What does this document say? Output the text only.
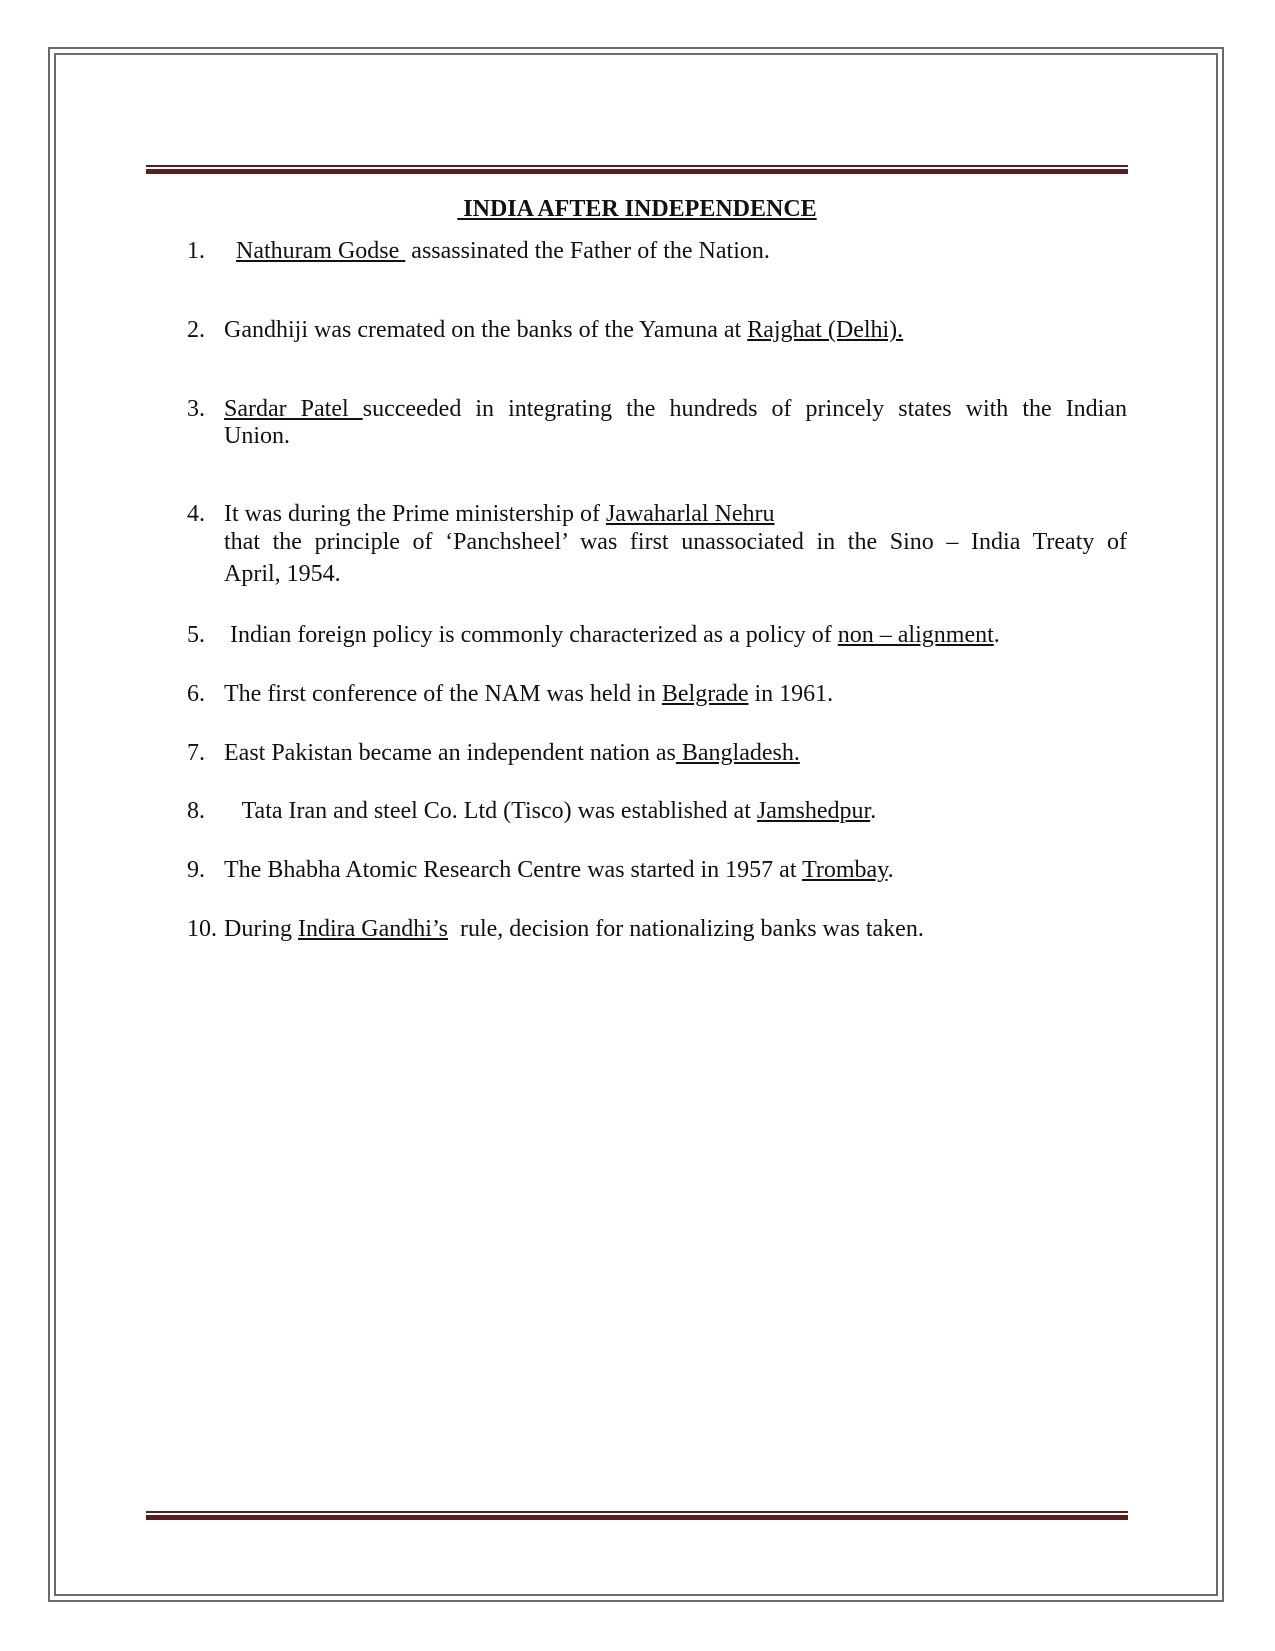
INDIA AFTER INDEPENDENCE
1.	Nathuram Godse  assassinated the Father of the Nation.
2. Gandhiji was cremated on the banks of the Yamuna at Rajghat (Delhi).
3. Sardar Patel succeeded in integrating the hundreds of princely states with the Indian
Union.
4. It was during the Prime ministership of Jawaharlal Nehru
that the principle of ‘Panchsheel’ was first unassociated in the Sino – India Treaty of
April, 1954.
5. Indian foreign policy is commonly characterized as a policy of non – alignment.
6. The first conference of the NAM was held in Belgrade in 1961.
7. East Pakistan became an independent nation as Bangladesh.
8. Tata Iran and steel Co. Ltd (Tisco) was established at Jamshedpur.
9. The Bhabha Atomic Research Centre was started in 1957 at Trombay.
10. During Indira Gandhi’s  rule, decision for nationalizing banks was taken.
